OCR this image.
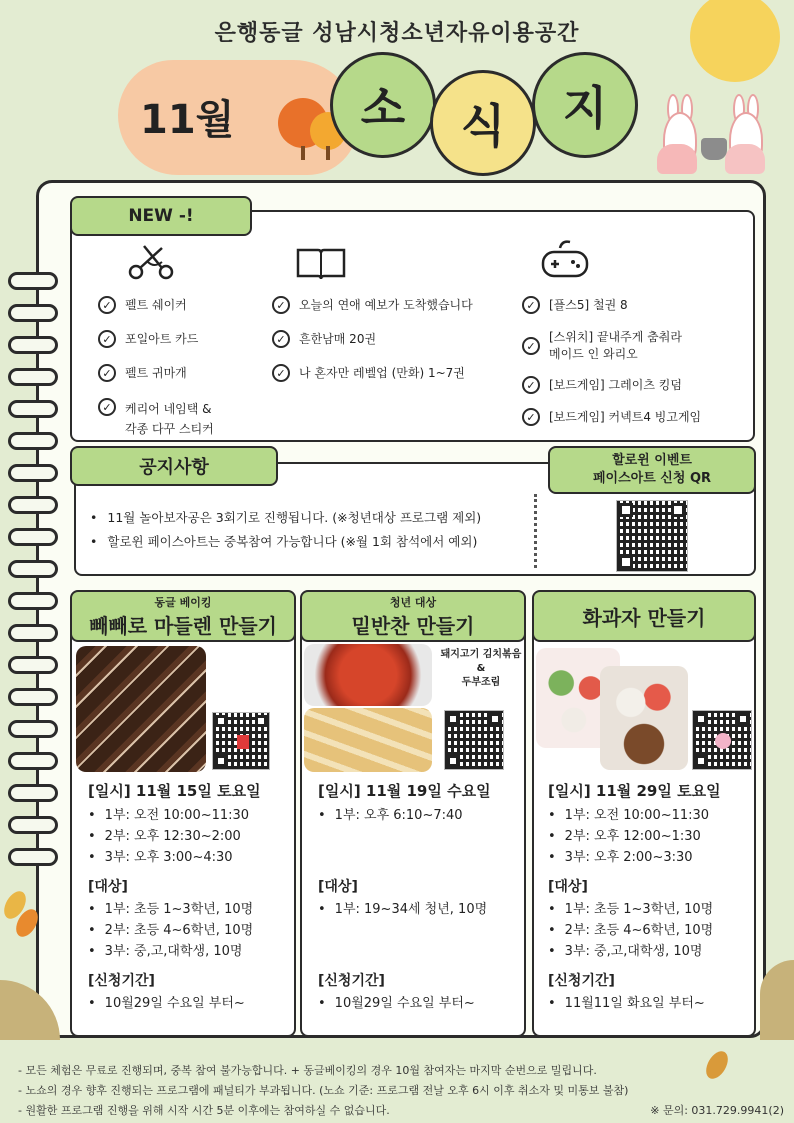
은행동글 성남시청소년자유이용공간
11월	소	식	지
NEW -!
✓	펠트 쉐이커
✓	포일아트 카드
✓	펠트 귀마개
✓	케리어 네임택 &
각종 다꾸 스티커
✓	오늘의 연애 예보가 도착했습니다
✓	흔한남매 20권
✓	나 혼자만 레벨업 (만화) 1~7권
✓	[플스5] 철권 8
✓
[스위치] 끝내주게 춤춰라
메이드 인 와리오
✓	[보드게임] 그레이츠 킹덤
✓	[보드게임] 커넥트4 빙고게임
공지사항
• 11월 놀아보자공은 3회기로 진행됩니다. (※청년대상 프로그램 제외)
• 할로윈 페이스아트는 중복참여 가능합니다 (※월 1회 참석에서 예외)
할로윈 이벤트
페이스아트 신청 QR
동글 베이킹
빼빼로 마들렌 만들기
[일시] 11월 15일 토요일
• 1부: 오전 10:00~11:30
• 2부: 오후 12:30~2:00
• 3부: 오후 3:00~4:30
[대상]
• 1부: 초등 1~3학년, 10명
• 2부: 초등 4~6학년, 10명
• 3부: 중,고,대학생, 10명
[신청기간]
• 10월29일 수요일 부터~
청년 대상
밑반찬 만들기
돼지고기 김치볶음
&
두부조림
[일시] 11월 19일 수요일
• 1부: 오후 6:10~7:40
[대상]
• 1부: 19~34세 청년, 10명
[신청기간]
• 10월29일 수요일 부터~
화과자 만들기
[일시] 11월 29일 토요일
• 1부: 오전 10:00~11:30
• 2부: 오후 12:00~1:30
• 3부: 오후 2:00~3:30
[대상]
• 1부: 초등 1~3학년, 10명
• 2부: 초등 4~6학년, 10명
• 3부: 중,고,대학생, 10명
[신청기간]
• 11월11일 화요일 부터~
- 모든 체험은 무료로 진행되며, 중복 참여 불가능합니다. + 동글베이킹의 경우 10월 참여자는 마지막 순번으로 밀립니다.
- 노쇼의 경우 향후 진행되는 프로그램에 패널티가 부과됩니다. (노쇼 기준: 프로그램 전날 오후 6시 이후 취소자 및 미통보 불참)
- 원활한 프로그램 진행을 위해 시작 시간 5분 이후에는 참여하실 수 없습니다.	※ 문의: 031.729.9941(2)
